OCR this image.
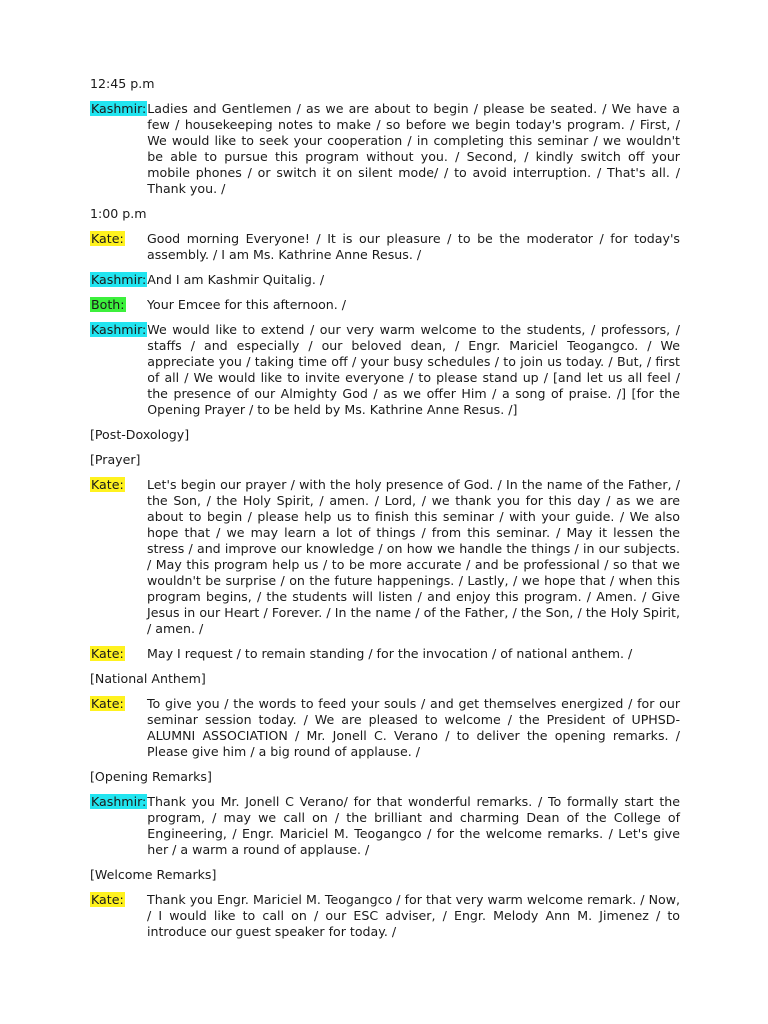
12:45 p.m

Kashmir: Ladies and Gentlemen / as we are about to begin / please be seated. / We have a few / housekeeping notes to make / so before we begin today's program. / First, / We would like to seek your cooperation / in completing this seminar / we wouldn't be able to pursue this program without you. / Second, / kindly switch off your mobile phones / or switch it on silent mode/ / to avoid interruption. / That's all. / Thank you. /

1:00 p.m

Kate:	Good morning Everyone! / It is our pleasure / to be the moderator / for today's assembly. / I am Ms. Kathrine Anne Resus. /

Kashmir: And I am Kashmir Quitalig. /

Both:	Your Emcee for this afternoon. /

Kashmir: We would like to extend / our very warm welcome to the students, / professors, / staffs / and especially / our beloved dean, / Engr. Mariciel Teogangco. / We appreciate you / taking time off / your busy schedules / to join us today. / But, / first of all / We would like to invite everyone / to please stand up / [and let us all feel / the presence of our Almighty God / as we offer Him / a song of praise. /] [for the Opening Prayer / to be held by Ms. Kathrine Anne Resus. /]

[Post-Doxology]

[Prayer]

Kate:	Let's begin our prayer / with the holy presence of God. / In the name of the Father, / the Son, / the Holy Spirit, / amen. / Lord, / we thank you for this day / as we are about to begin / please help us to finish this seminar / with your guide. / We also hope that / we may learn a lot of things / from this seminar. / May it lessen the stress / and improve our knowledge / on how we handle the things / in our subjects. / May this program help us / to be more accurate / and be professional / so that we wouldn't be surprise / on the future happenings. / Lastly, / we hope that / when this program begins, / the students will listen / and enjoy this program. / Amen. / Give Jesus in our Heart / Forever. / In the name / of the Father, / the Son, / the Holy Spirit, / amen. /

Kate:	May I request / to remain standing / for the invocation / of national anthem. /

[National Anthem]

Kate:	To give you / the words to feed your souls / and get themselves energized / for our seminar session today. / We are pleased to welcome / the President of UPHSD- ALUMNI ASSOCIATION / Mr. Jonell C. Verano / to deliver the opening remarks. / Please give him / a big round of applause. /

[Opening Remarks]

Kashmir: Thank you Mr. Jonell C Verano/ for that wonderful remarks. / To formally start the program, / may we call on / the brilliant and charming Dean of the College of Engineering, / Engr. Mariciel M. Teogangco / for the welcome remarks. / Let's give her / a warm a round of applause. /

[Welcome Remarks]

Kate:	Thank you Engr. Mariciel M. Teogangco / for that very warm welcome remark. / Now, / I would like to call on / our ESC adviser, / Engr. Melody Ann M. Jimenez / to introduce our guest speaker for today. /
